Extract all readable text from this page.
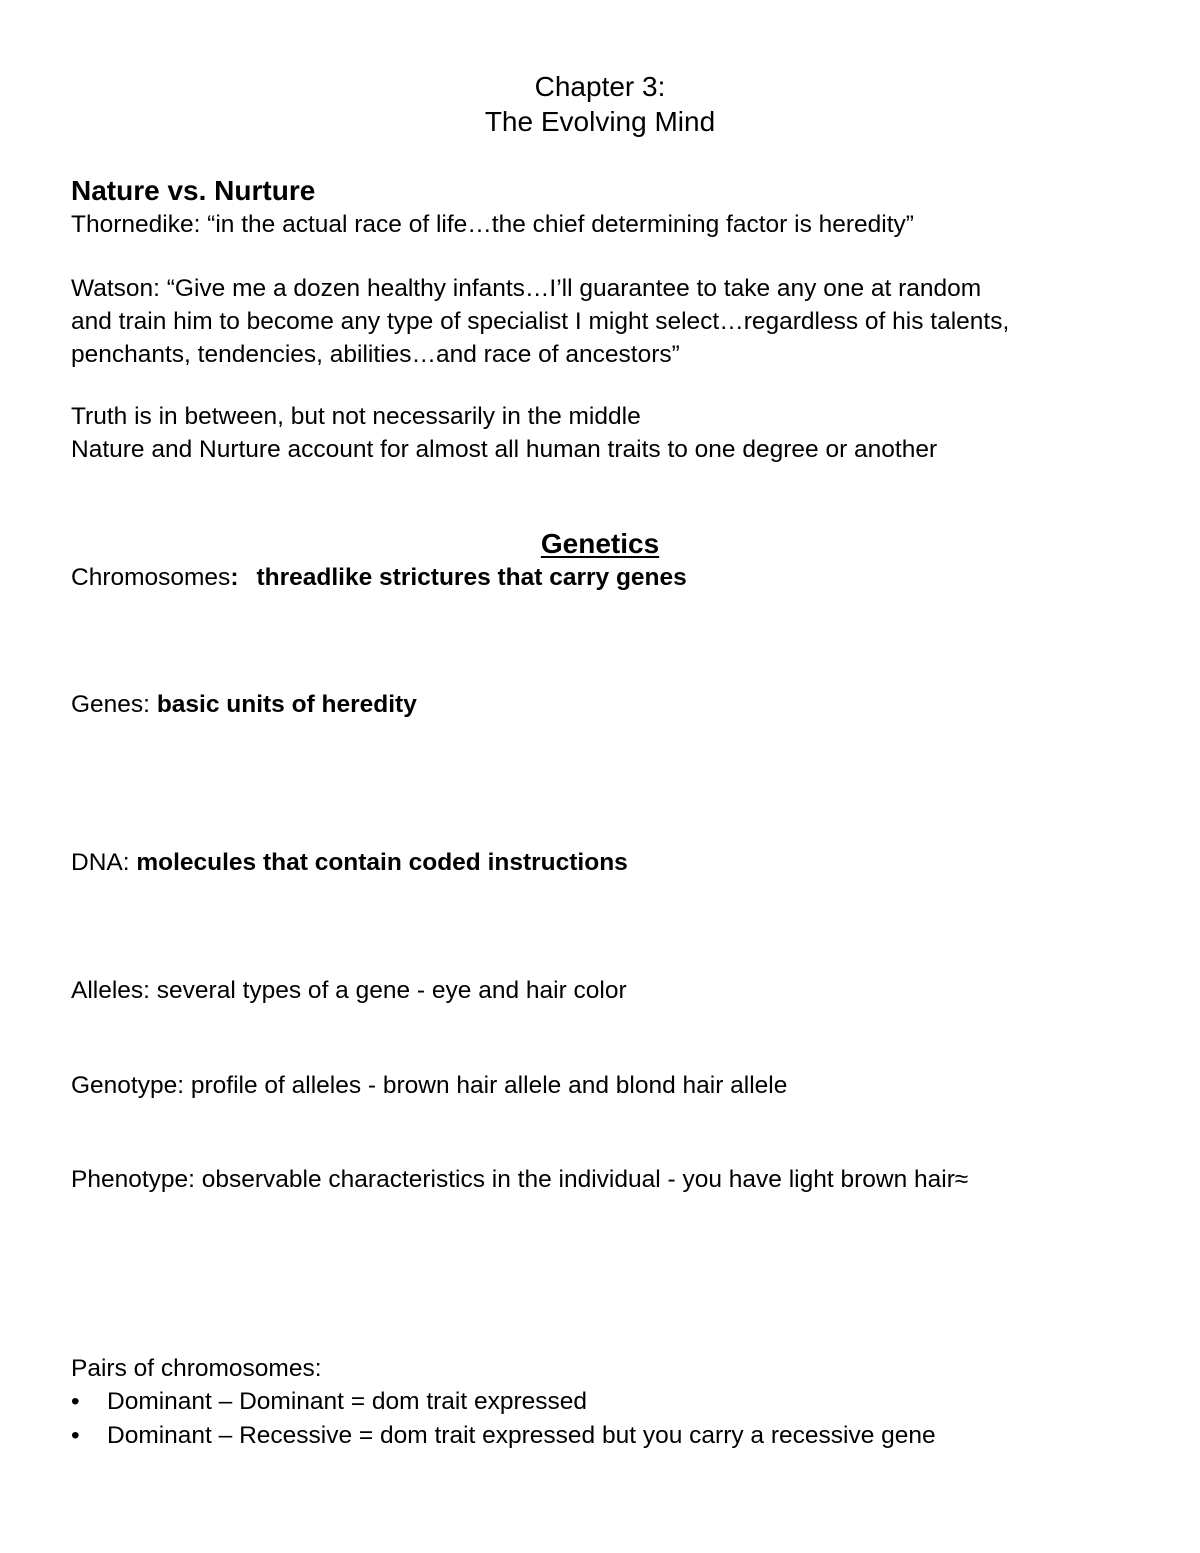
Chapter 3:

The Evolving Mind

Nature vs. Nurture

Thornedike: “in the actual race of life…the chief determining factor is heredity”

Watson: “Give me a dozen healthy infants…I’ll guarantee to take any one at random

and train him to become any type of specialist I might select…regardless of his talents,

penchants, tendencies, abilities…and race of ancestors”

Truth is in between, but not necessarily in the middle

Nature and Nurture account for almost all human traits to one degree or another

Genetics

Chromosomes: threadlike strictures that carry genes

Genes: basic units of heredity

DNA: molecules that contain coded instructions

Alleles: several types of a gene - eye and hair color

Genotype: profile of alleles - brown hair allele and blond hair allele

Phenotype: observable characteristics in the individual - you have light brown hair≈

Pairs of chromosomes:

• Dominant – Dominant = dom trait expressed

• Dominant – Recessive = dom trait expressed but you carry a recessive gene
